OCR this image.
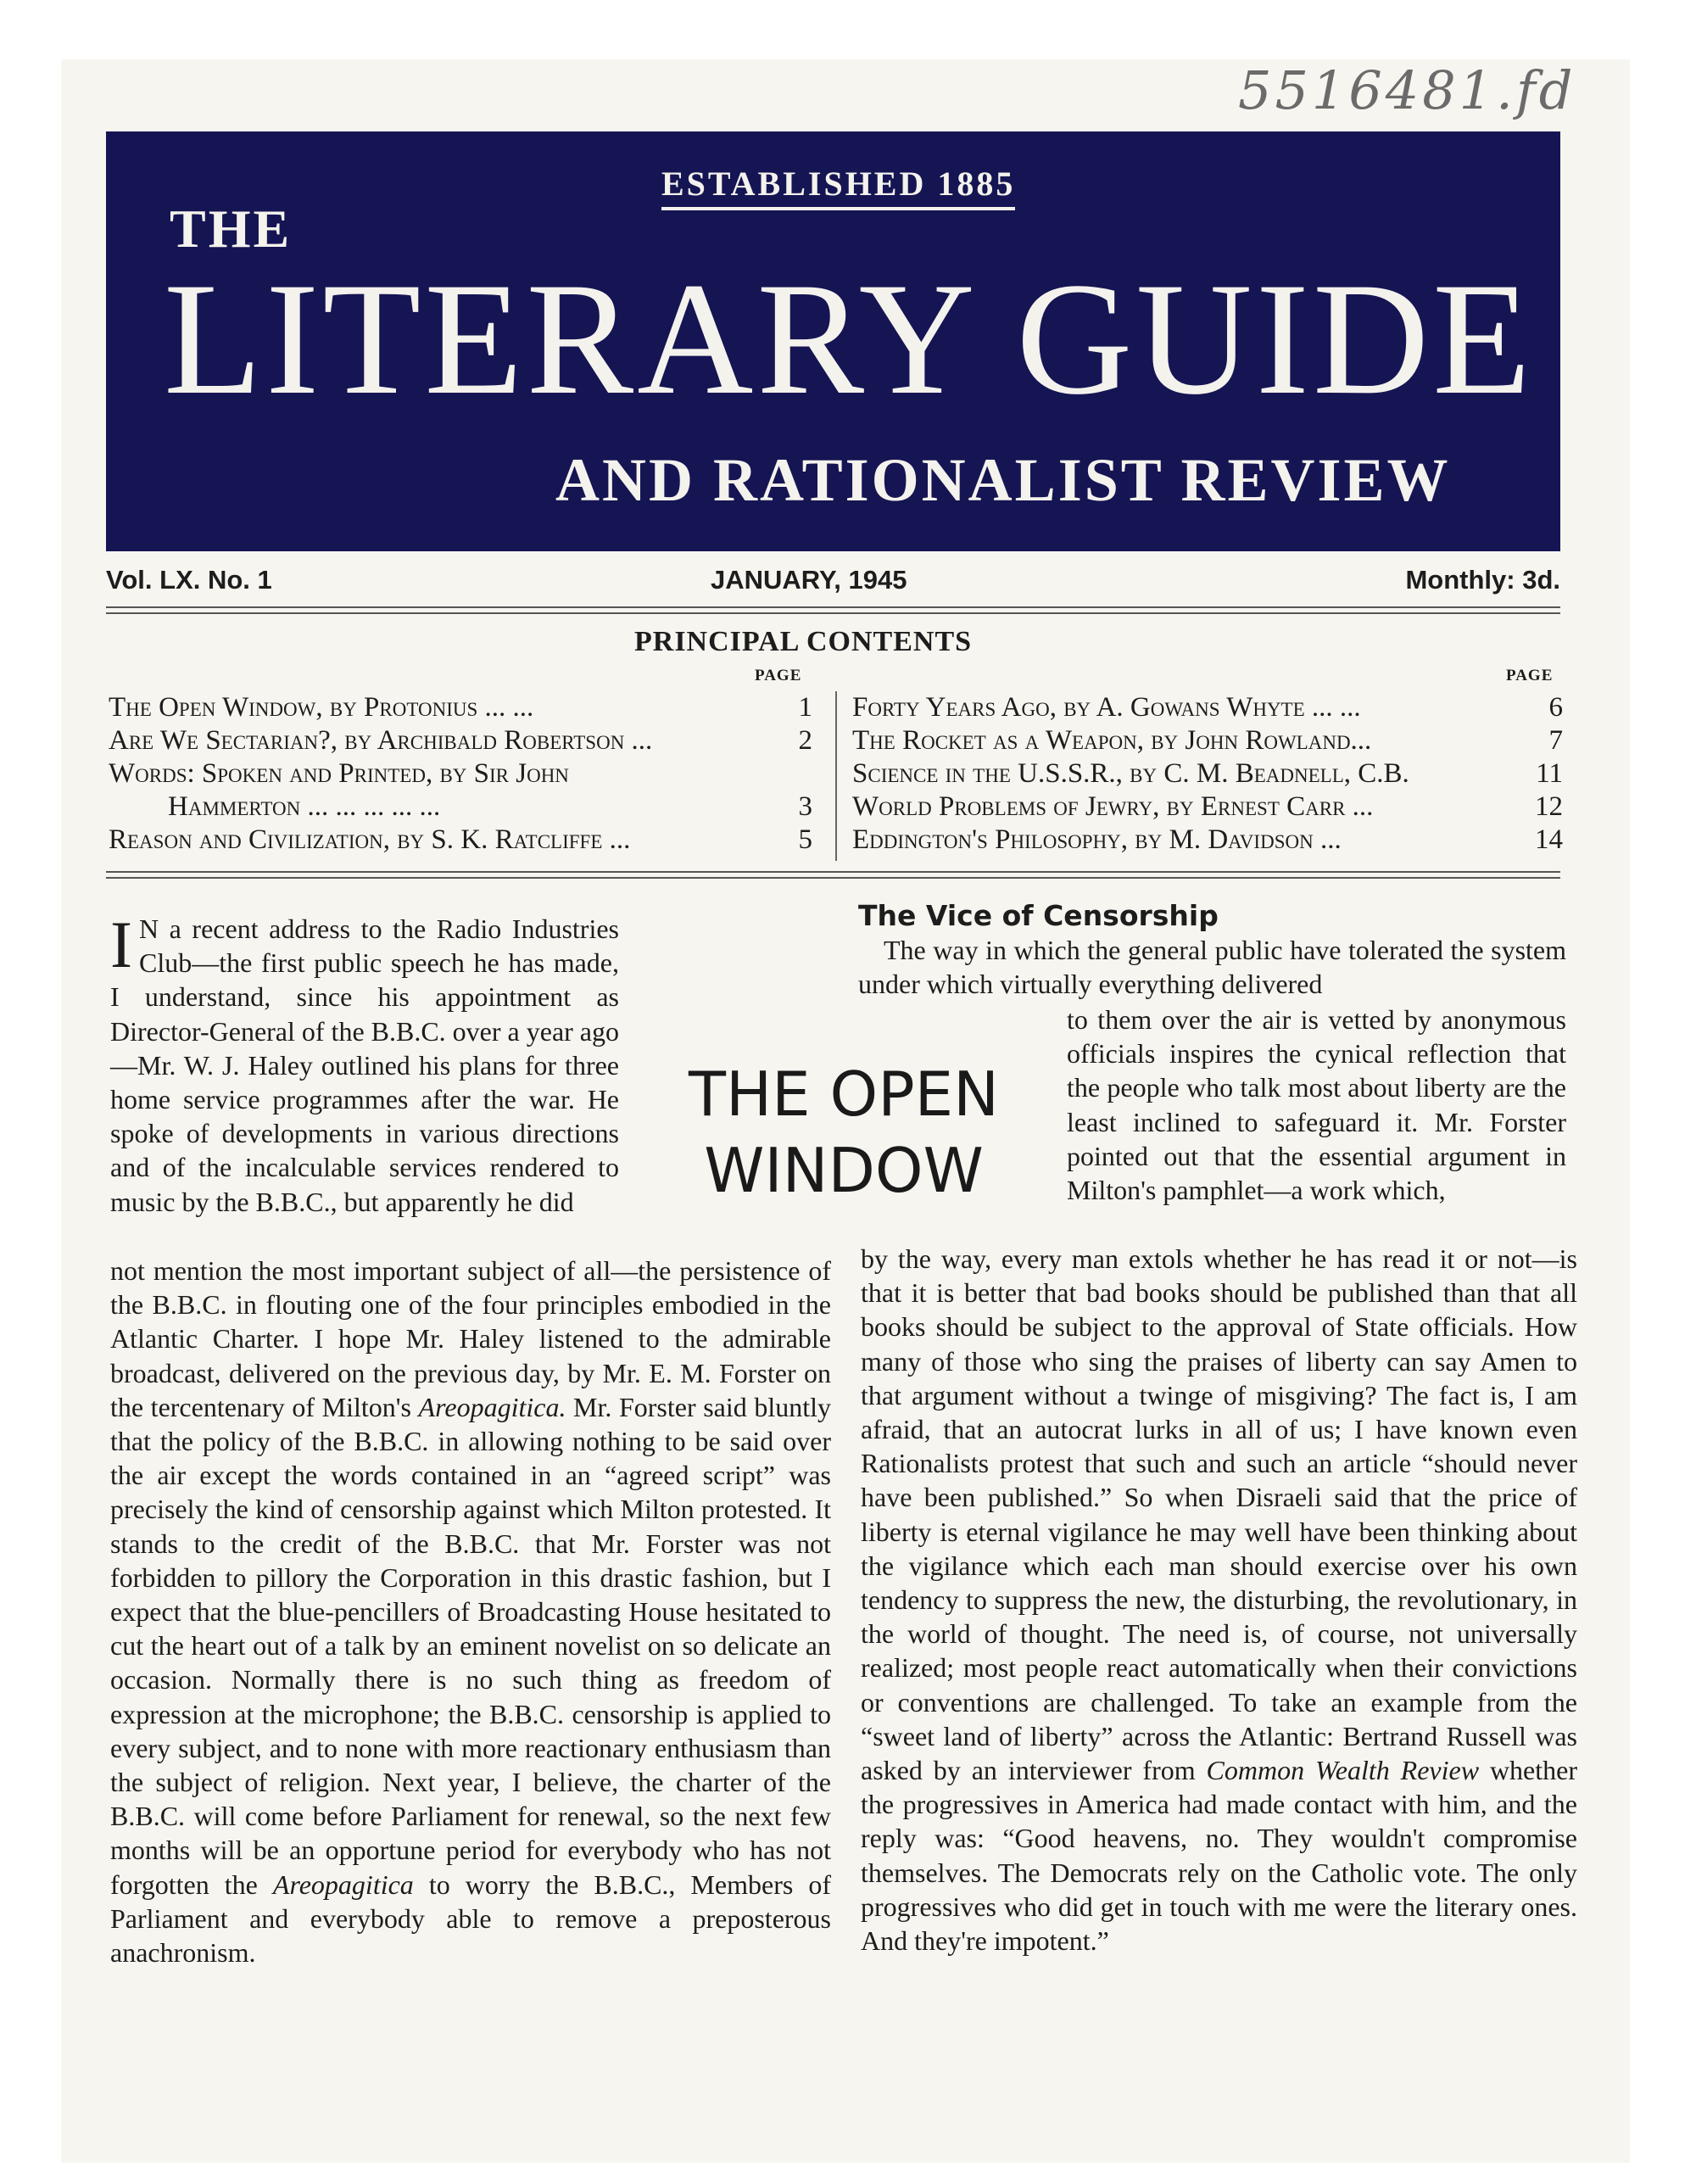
5516481.fd
ESTABLISHED 1885
THE
LITERARY GUIDE
AND RATIONALIST REVIEW
Vol. LX. No. 1	JANUARY, 1945	Monthly: 3d.
PRINCIPAL CONTENTS
PAGE	PAGE
The Open Window, by Protonius ... ...	1
Are We Sectarian?, by Archibald Robertson ...	2
Words: Spoken and Printed, by Sir John
Hammerton ... ... ... ... ...	3
Reason and Civilization, by S. K. Ratcliffe ...	5
Forty Years Ago, by A. Gowans Whyte ... ...	6
The Rocket as a Weapon, by John Rowland...	7
Science in the U.S.S.R., by C. M. Beadnell, C.B.	11
World Problems of Jewry, by Ernest Carr ...	12
Eddington's Philosophy, by M. Davidson ...	14
THE OPEN
WINDOW

I N a recent address to the Radio Industries Club—the first public speech he has made, I understand, since his appointment as Director-General of the B.B.C. over a year ago—Mr. W. J. Haley outlined his plans for three home service programmes after the war. He spoke of developments in various directions and of the incalculable services rendered to music by the B.B.C., but apparently he did

not mention the most important subject of all—the persistence of the B.B.C. in flouting one of the four principles embodied in the Atlantic Charter. I hope Mr. Haley listened to the admirable broadcast, delivered on the previous day, by Mr. E. M. Forster on the tercentenary of Milton's Areopagitica. Mr. Forster said bluntly that the policy of the B.B.C. in allowing nothing to be said over the air except the words contained in an “agreed script” was precisely the kind of censorship against which Milton protested. It stands to the credit of the B.B.C. that Mr. Forster was not forbidden to pillory the Corporation in this drastic fashion, but I expect that the blue-pencillers of Broadcasting House hesitated to cut the heart out of a talk by an eminent novelist on so delicate an occasion. Normally there is no such thing as freedom of expression at the microphone; the B.B.C. censorship is applied to every subject, and to none with more reactionary enthusiasm than the subject of religion. Next year, I believe, the charter of the B.B.C. will come before Parliament for renewal, so the next few months will be an opportune period for everybody who has not forgotten the Areopagitica to worry the B.B.C., Members of Parliament and everybody able to remove a preposterous anachronism.

The Vice of Censorship

The way in which the general public have tolerated the system under which virtually everything delivered

to them over the air is vetted by anonymous officials inspires the cynical reflection that the people who talk most about liberty are the least inclined to safeguard it. Mr. Forster pointed out that the essential argument in Milton's pamphlet—a work which,

by the way, every man extols whether he has read it or not—is that it is better that bad books should be published than that all books should be subject to the approval of State officials. How many of those who sing the praises of liberty can say Amen to that argument without a twinge of misgiving? The fact is, I am afraid, that an autocrat lurks in all of us; I have known even Rationalists protest that such and such an article “should never have been published.” So when Disraeli said that the price of liberty is eternal vigilance he may well have been thinking about the vigilance which each man should exercise over his own tendency to suppress the new, the disturbing, the revolutionary, in the world of thought. The need is, of course, not universally realized; most people react automatically when their convictions or conventions are challenged. To take an example from the “sweet land of liberty” across the Atlantic: Bertrand Russell was asked by an interviewer from Common Wealth Review whether the progressives in America had made contact with him, and the reply was: “Good heavens, no. They wouldn't compromise themselves. The Democrats rely on the Catholic vote. The only progressives who did get in touch with me were the literary ones. And they're impotent.”
